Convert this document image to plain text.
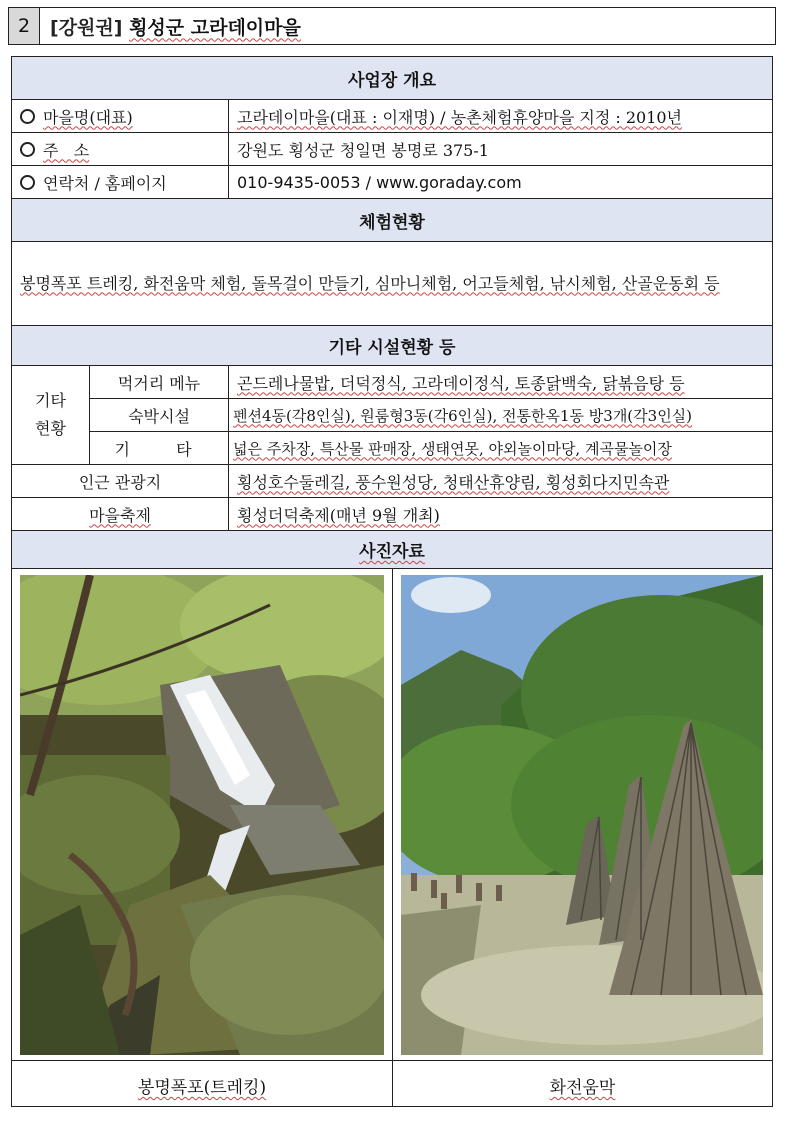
2	[강원권] 횡성군 고라데이마을
사업장 개요		
마을명(대표)		고라데이마을(대표 : 이재명) / 농촌체험휴양마을 지정 : 2010년
주   소		강원도 횡성군 청일면 봉명로 375-1
연락처 / 홈페이지		010-9435-0053 / www.goraday.com
체험현황		
봉명폭포 트레킹, 화전움막 체험, 돌목걸이 만들기, 심마니체험, 어고들체험, 낚시체험, 산골운동회 등		
기타 시설현황 등		
기타 현황	먹거리 메뉴	곤드레나물밥, 더덕정식, 고라데이정식, 토종닭백숙, 닭볶음탕 등
	숙박시설	펜션4동(각8인실), 원룸형3동(각6인실), 전통한옥1동 방3개(각3인실)
	기  타	넓은 주차장, 특산물 판매장, 생태연못, 야외놀이마당, 계곡물놀이장
인근 관광지		횡성호수둘레길, 풍수원성당, 청태산휴양림, 횡성회다지민속관
마을축제		횡성더덕축제(매년 9월 개최)
사진자료		

봉명폭포(트레킹) 화전움막		
